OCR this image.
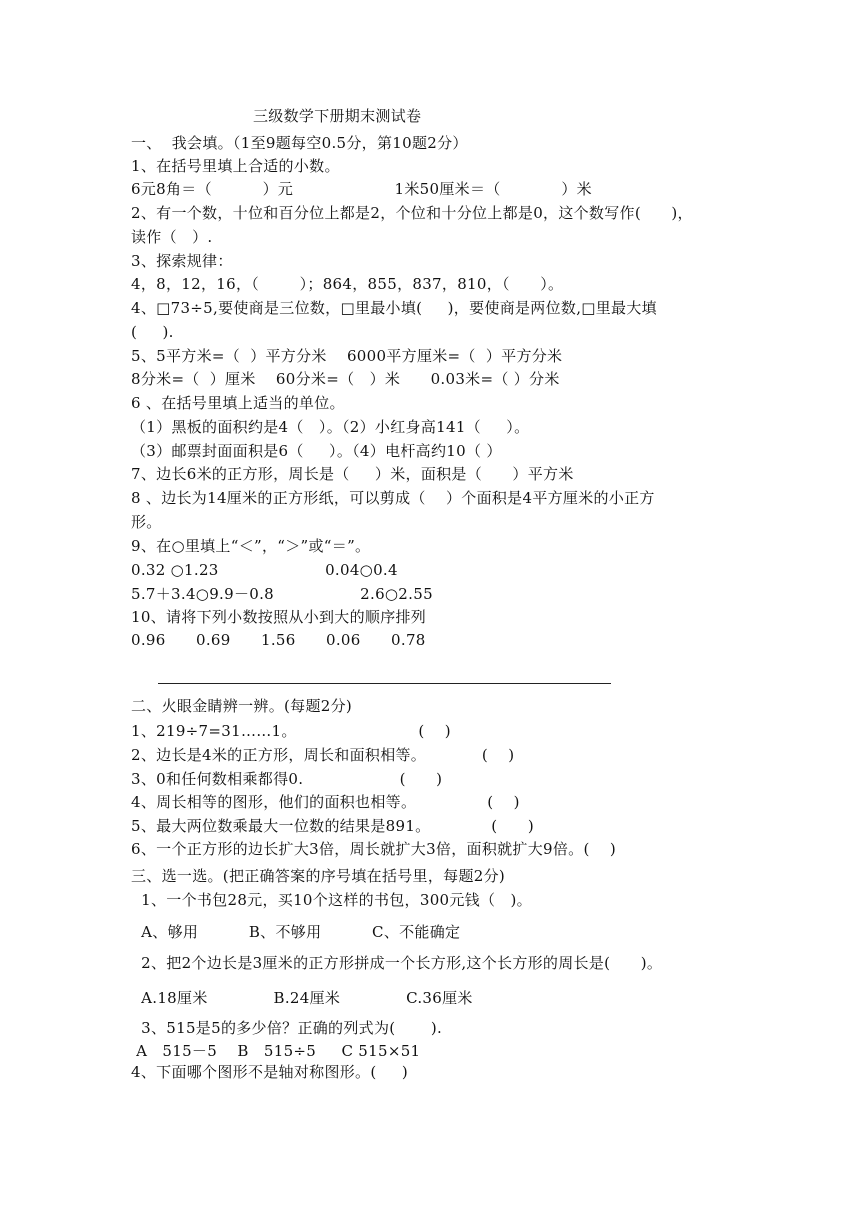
三级数学下册期末测试卷
一、  我会填。（1至9题每空0.5分，第10题2分）
1、在括号里填上合适的小数。
6元8角＝（          ）元                    1米50厘米＝（            ）米
2、有一个数，十位和百分位上都是2，个位和十分位上都是0，这个数写作(      )，
读作（   ）.
3、探索规律：
4，8，12，16，（        ）；864，855，837，810，（      ）。
4、□73÷5,要使商是三位数，□里最小填(     )，要使商是两位数,□里最大填
(     ).
5、5平方米=（  ）平方分米    6000平方厘米=（  ）平方分米
8分米=（  ）厘米    60分米=（   ）米      0.03米=（ ）分米
6 、在括号里填上适当的单位。
（1）黑板的面积约是4（   ）。（2）小红身高141（     ）。
（3）邮票封面面积是6（     ）。（4）电杆高约10（ ）
7、边长6米的正方形，周长是（     ）米，面积是（      ）平方米
8 、边长为14厘米的正方形纸，可以剪成（    ）个面积是4平方厘米的小正方
形。
9、在○里填上“＜”，“＞”或“＝”。
0.32 ○1.23                     0.04○0.4
5.7＋3.4○9.9－0.8                 2.6○2.55
10、请将下列小数按照从小到大的顺序排列
0.96      0.69      1.56      0.06      0.78
二、火眼金睛辨一辨。(每题2分)
1、219÷7=31……1。                        (    )
2、边长是4米的正方形，周长和面积相等。           (    )
3、0和任何数相乘都得0.                   (      )
4、周长相等的图形，他们的面积也相等。              (    )
5、最大两位数乘最大一位数的结果是891。            (      )
6、一个正方形的边长扩大3倍，周长就扩大3倍，面积就扩大9倍。(    )
三、选一选。(把正确答案的序号填在括号里，每题2分)
1、一个书包28元，买10个这样的书包，300元钱（   )。
A、够用          B、不够用          C、不能确定
2、把2个边长是3厘米的正方形拼成一个长方形,这个长方形的周长是(      )。
A.18厘米             B.24厘米             C.36厘米
3、515是5的多少倍？正确的列式为(       ).
A   515－5    B   515÷5     C 515×51
4、下面哪个图形不是轴对称图形。(     )
